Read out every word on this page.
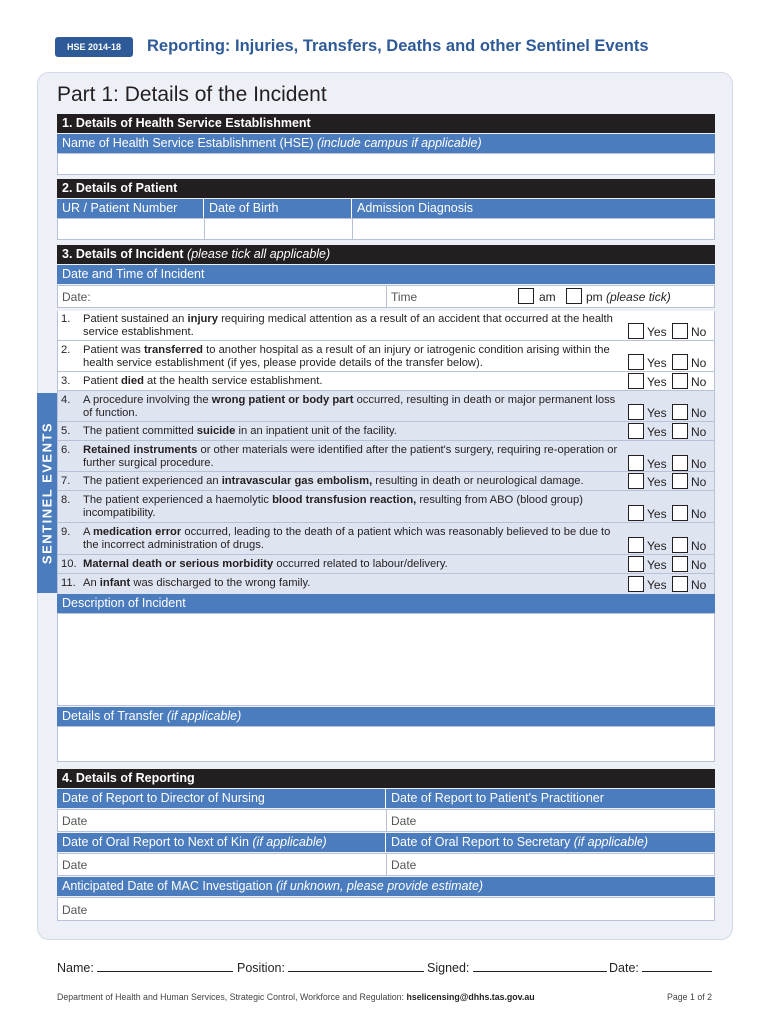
HSE 2014-18	Reporting: Injuries, Transfers, Deaths and other Sentinel Events
Part 1: Details of the Incident
SENTINEL EVENTS
1. Details of Health Service Establishment
Name of Health Service Establishment (HSE) (include campus if applicable)
2. Details of Patient
UR / Patient Number	Date of Birth	Admission Diagnosis
3. Details of Incident (please tick all applicable)
Date and Time of Incident
Date:	Time	am	pm (please tick)
1. Patient sustained an injury requiring medical attention as a result of an accident that occurred at the health service establishment.	Yes No
2. Patient was transferred to another hospital as a result of an injury or iatrogenic condition arising within the health service establishment (if yes, please provide details of the transfer below).	Yes No
3. Patient died at the health service establishment.	Yes No
4. A procedure involving the wrong patient or body part occurred, resulting in death or major permanent loss of function.	Yes No
5. The patient committed suicide in an inpatient unit of the facility.	Yes No
6. Retained instruments or other materials were identified after the patient's surgery, requiring re-operation or further surgical procedure.	Yes No
7. The patient experienced an intravascular gas embolism, resulting in death or neurological damage.	Yes No
8. The patient experienced a haemolytic blood transfusion reaction, resulting from ABO (blood group) incompatibility.	Yes No
9. A medication error occurred, leading to the death of a patient which was reasonably believed to be due to the incorrect administration of drugs.	Yes No
10. Maternal death or serious morbidity occurred related to labour/delivery.	Yes No
11. An infant was discharged to the wrong family.	Yes No
Description of Incident
Details of Transfer (if applicable)
4. Details of Reporting
Date of Report to Director of Nursing	Date of Report to Patient's Practitioner
Date	Date
Date of Oral Report to Next of Kin (if applicable)	Date of Oral Report to Secretary (if applicable)
Date	Date
Anticipated Date of MAC Investigation (if unknown, please provide estimate)
Date
Name:	Position:	Signed:	Date:
Department of Health and Human Services, Strategic Control, Workforce and Regulation: hselicensing@dhhs.tas.gov.au	Page 1 of 2
